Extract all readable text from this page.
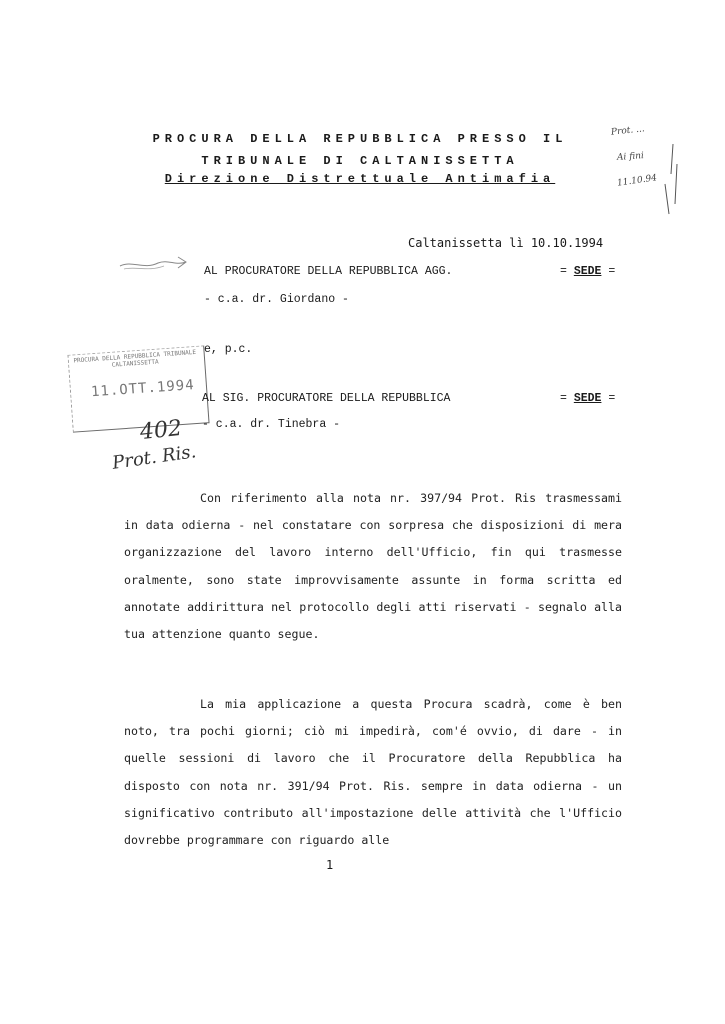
PROCURA DELLA REPUBBLICA PRESSO IL
TRIBUNALE DI CALTANISSETTA
Direzione Distrettuale Antimafia
Prot. ...
Ai fini
11.10.94
Caltanissetta lì 10.10.1994
AL PROCURATORE DELLA REPUBBLICA AGG.	= SEDE =
- c.a. dr. Giordano -
e, p.c.
PROCURA DELLA REPUBBLICA TRIBUNALE CALTANISSETTA
11.OTT.1994
402
Prot. Ris.
AL SIG. PROCURATORE DELLA REPUBBLICA	= SEDE =
- c.a. dr. Tinebra -

Con riferimento alla nota nr. 397/94 Prot. Ris trasmessami in data odierna - nel constatare con sorpresa che disposizioni di mera organizzazione del lavoro interno dell'Ufficio, fin qui trasmesse oralmente, sono state improvvisamente assunte in forma scritta ed annotate addirittura nel protocollo degli atti riservati - segnalo alla tua attenzione quanto segue.

La mia applicazione a questa Procura scadrà, come è ben noto, tra pochi giorni; ciò mi impedirà, com'é ovvio, di dare - in quelle sessioni di lavoro che il Procuratore della Repubblica ha disposto con nota nr. 391/94 Prot. Ris. sempre in data odierna - un significativo contributo all'impostazione delle attività che l'Ufficio dovrebbe programmare con riguardo alle

1
